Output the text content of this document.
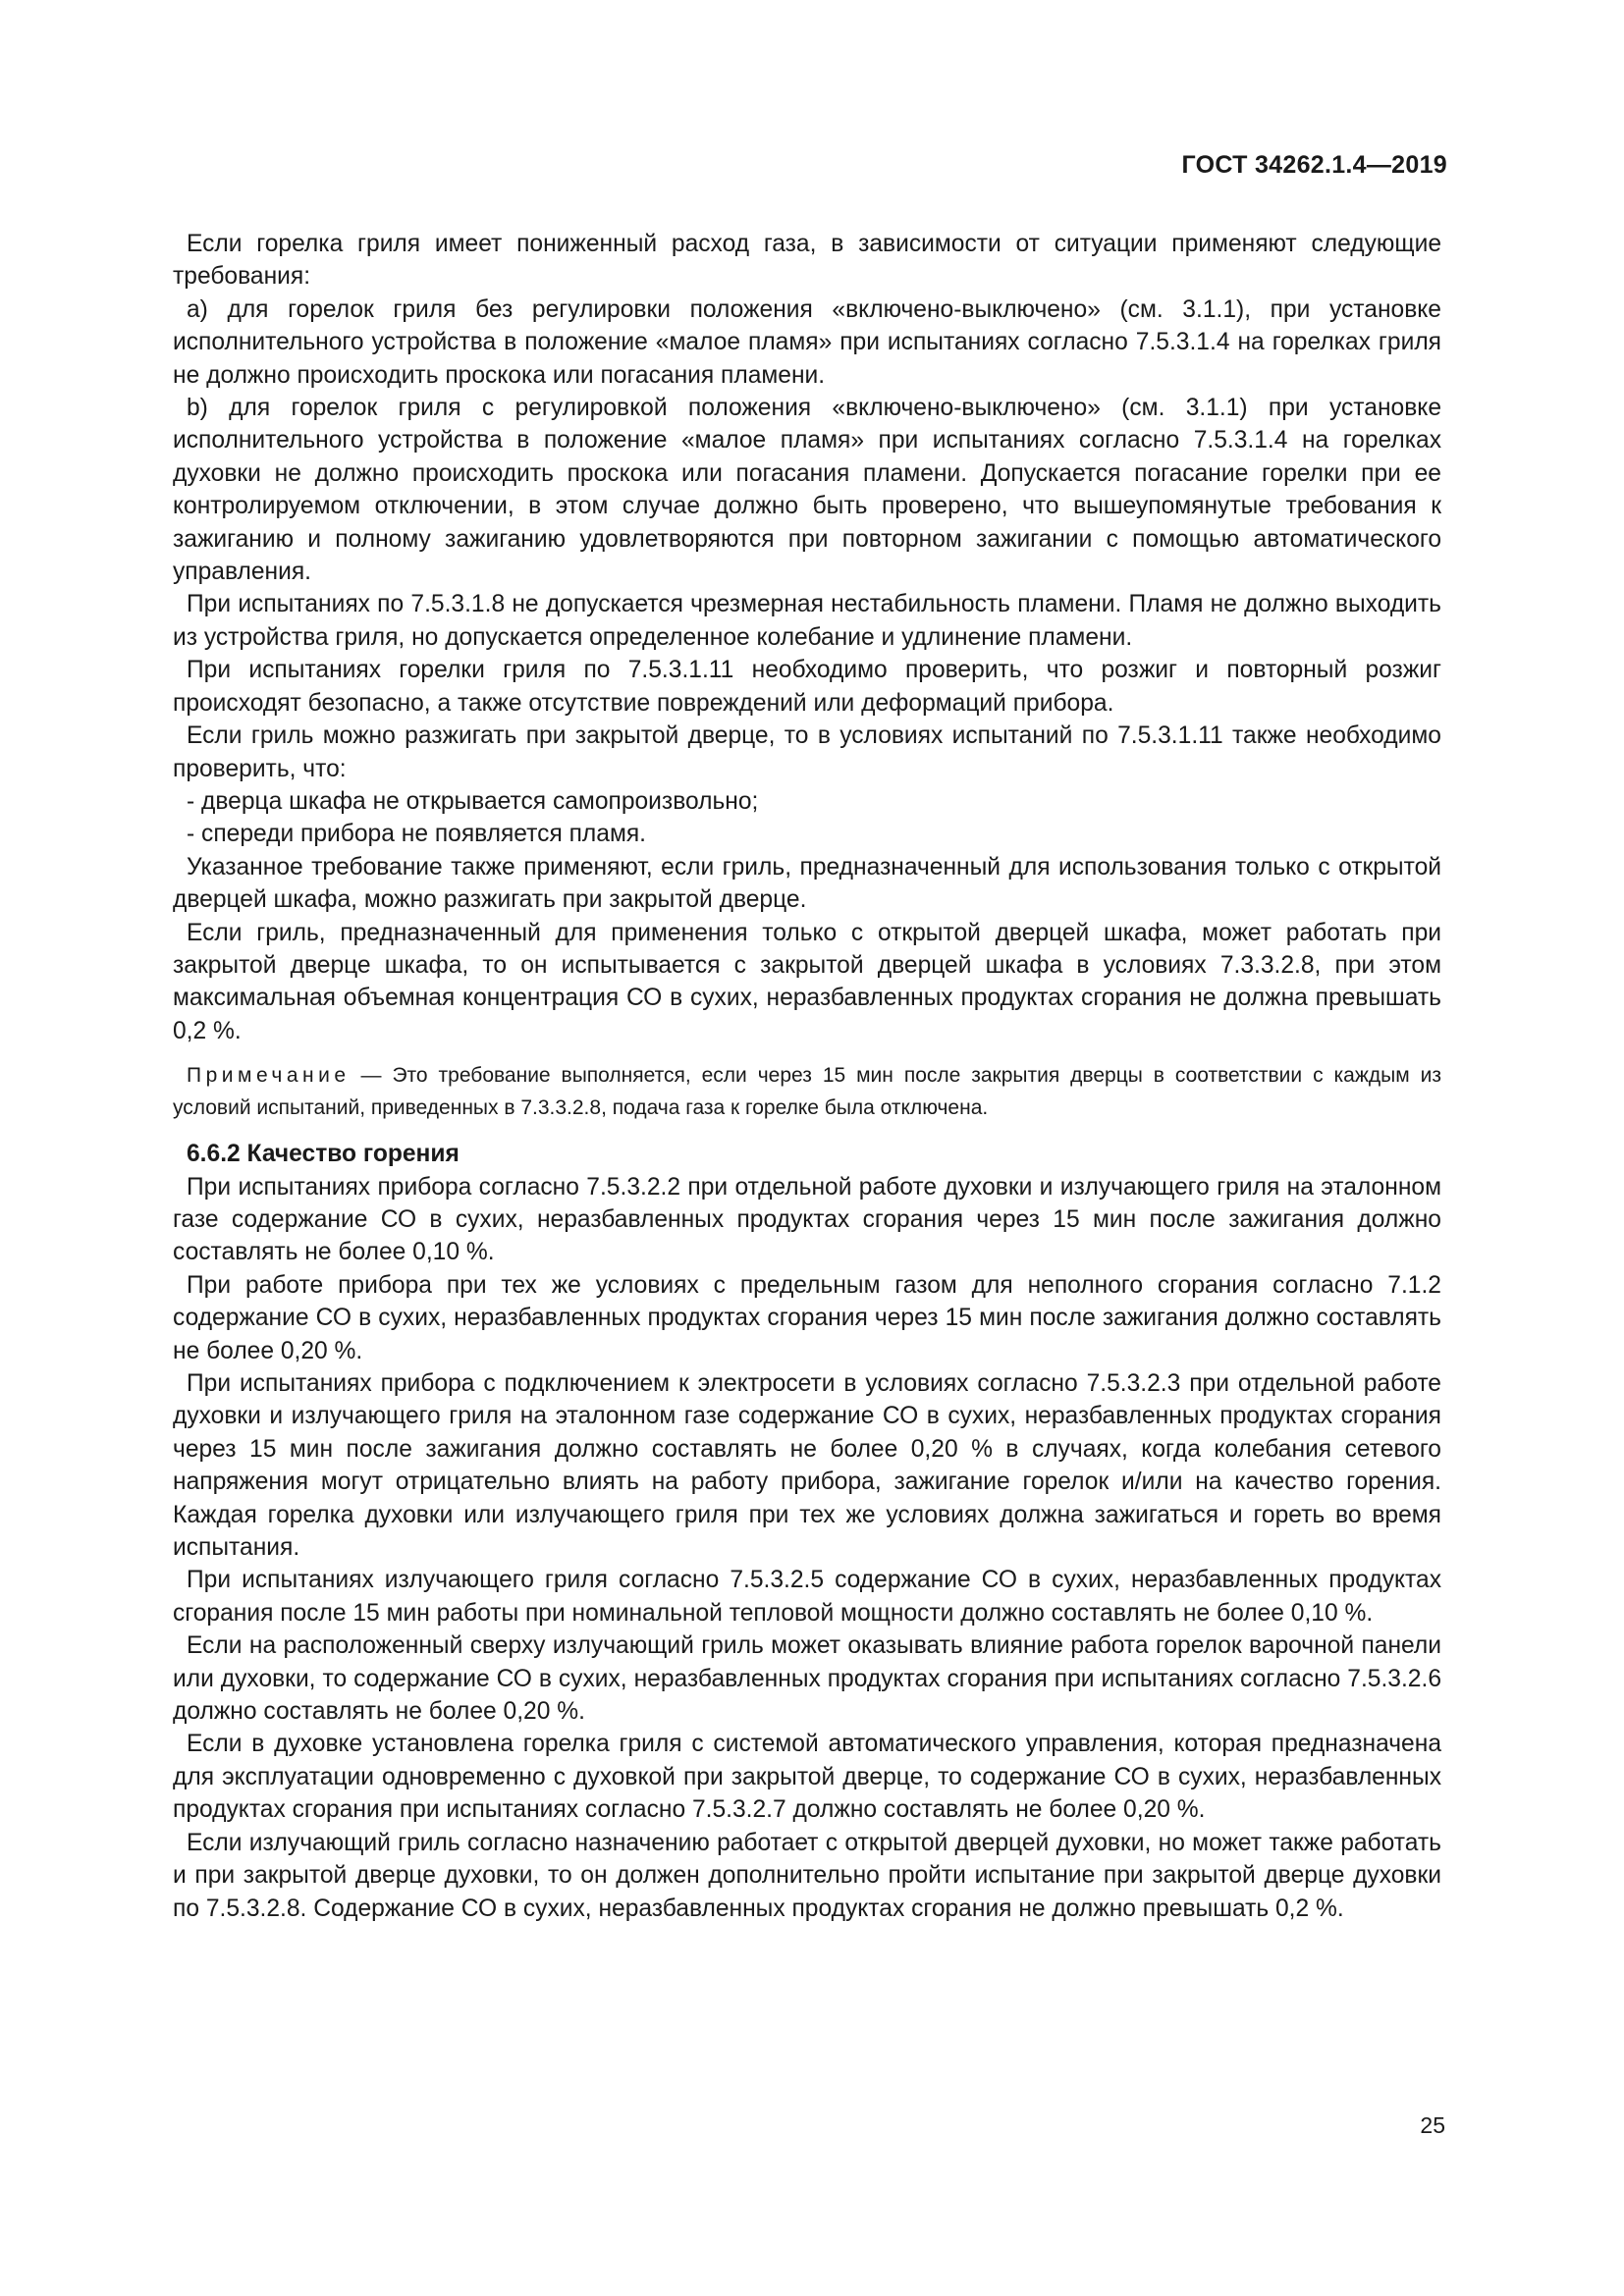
ГОСТ 34262.1.4—2019

Если горелка гриля имеет пониженный расход газа, в зависимости от ситуации применяют следующие требования:

а) для горелок гриля без регулировки положения «включено-выключено» (см. 3.1.1), при установке исполнительного устройства в положение «малое пламя» при испытаниях согласно 7.5.3.1.4 на горелках гриля не должно происходить проскока или погасания пламени.

b) для горелок гриля с регулировкой положения «включено-выключено» (см. 3.1.1) при установке исполнительного устройства в положение «малое пламя» при испытаниях согласно 7.5.3.1.4 на горелках духовки не должно происходить проскока или погасания пламени. Допускается погасание горелки при ее контролируемом отключении, в этом случае должно быть проверено, что вышеупомянутые требования к зажиганию и полному зажиганию удовлетворяются при повторном зажигании с помощью автоматического управления.

При испытаниях по 7.5.3.1.8 не допускается чрезмерная нестабильность пламени. Пламя не должно выходить из устройства гриля, но допускается определенное колебание и удлинение пламени.

При испытаниях горелки гриля по 7.5.3.1.11 необходимо проверить, что розжиг и повторный розжиг происходят безопасно, а также отсутствие повреждений или деформаций прибора.

Если гриль можно разжигать при закрытой дверце, то в условиях испытаний по 7.5.3.1.11 также необходимо проверить, что:

- дверца шкафа не открывается самопроизвольно;

- спереди прибора не появляется пламя.

Указанное требование также применяют, если гриль, предназначенный для использования только с открытой дверцей шкафа, можно разжигать при закрытой дверце.

Если гриль, предназначенный для применения только с открытой дверцей шкафа, может работать при закрытой дверце шкафа, то он испытывается с закрытой дверцей шкафа в условиях 7.3.3.2.8, при этом максимальная объемная концентрация СО в сухих, неразбавленных продуктах сгорания не должна превышать 0,2 %.

Примечание — Это требование выполняется, если через 15 мин после закрытия дверцы в соответствии с каждым из условий испытаний, приведенных в 7.3.3.2.8, подача газа к горелке была отключена.

6.6.2 Качество горения

При испытаниях прибора согласно 7.5.3.2.2 при отдельной работе духовки и излучающего гриля на эталонном газе содержание СО в сухих, неразбавленных продуктах сгорания через 15 мин после зажигания должно составлять не более 0,10 %.

При работе прибора при тех же условиях с предельным газом для неполного сгорания согласно 7.1.2 содержание СО в сухих, неразбавленных продуктах сгорания через 15 мин после зажигания должно составлять не более 0,20 %.

При испытаниях прибора с подключением к электросети в условиях согласно 7.5.3.2.3 при отдельной работе духовки и излучающего гриля на эталонном газе содержание СО в сухих, неразбавленных продуктах сгорания через 15 мин после зажигания должно составлять не более 0,20 % в случаях, когда колебания сетевого напряжения могут отрицательно влиять на работу прибора, зажигание горелок и/или на качество горения. Каждая горелка духовки или излучающего гриля при тех же условиях должна зажигаться и гореть во время испытания.

При испытаниях излучающего гриля согласно 7.5.3.2.5 содержание СО в сухих, неразбавленных продуктах сгорания после 15 мин работы при номинальной тепловой мощности должно составлять не более 0,10 %.

Если на расположенный сверху излучающий гриль может оказывать влияние работа горелок варочной панели или духовки, то содержание СО в сухих, неразбавленных продуктах сгорания при испытаниях согласно 7.5.3.2.6 должно составлять не более 0,20 %.

Если в духовке установлена горелка гриля с системой автоматического управления, которая предназначена для эксплуатации одновременно с духовкой при закрытой дверце, то содержание СО в сухих, неразбавленных продуктах сгорания при испытаниях согласно 7.5.3.2.7 должно составлять не более 0,20 %.

Если излучающий гриль согласно назначению работает с открытой дверцей духовки, но может также работать и при закрытой дверце духовки, то он должен дополнительно пройти испытание при закрытой дверце духовки по 7.5.3.2.8. Содержание СО в сухих, неразбавленных продуктах сгорания не должно превышать 0,2 %.

25
